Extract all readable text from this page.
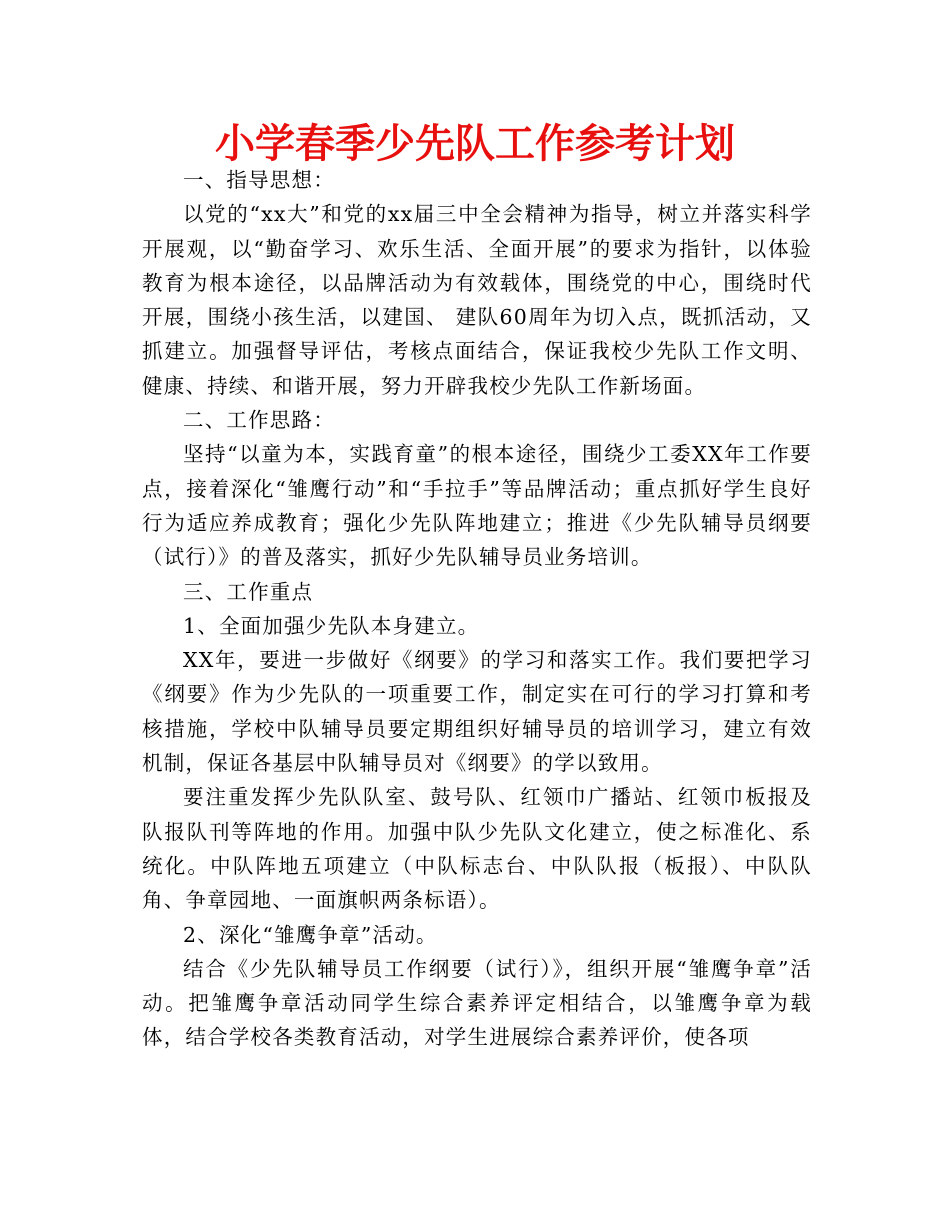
小学春季少先队工作参考计划

一、指导思想：

以党的“xx大”和党的xx届三中全会精神为指导，树立并落实科学开展观，以“勤奋学习、欢乐生活、全面开展”的要求为指针，以体验教育为根本途径，以品牌活动为有效载体，围绕党的中心，围绕时代开展，围绕小孩生活，以建国、 建队60周年为切入点，既抓活动，又抓建立。加强督导评估，考核点面结合，保证我校少先队工作文明、健康、持续、和谐开展，努力开辟我校少先队工作新场面。

二、工作思路：

坚持“以童为本，实践育童”的根本途径，围绕少工委XX年工作要点，接着深化“雏鹰行动”和“手拉手”等品牌活动；重点抓好学生良好行为适应养成教育；强化少先队阵地建立；推进《少先队辅导员纲要（试行）》的普及落实，抓好少先队辅导员业务培训。

三、工作重点

1、全面加强少先队本身建立。

XX年，要进一步做好《纲要》的学习和落实工作。我们要把学习《纲要》作为少先队的一项重要工作，制定实在可行的学习打算和考核措施，学校中队辅导员要定期组织好辅导员的培训学习，建立有效机制，保证各基层中队辅导员对《纲要》的学以致用。

要注重发挥少先队队室、鼓号队、红领巾广播站、红领巾板报及队报队刊等阵地的作用。加强中队少先队文化建立，使之标准化、系统化。中队阵地五项建立（中队标志台、中队队报（板报）、中队队角、争章园地、一面旗帜两条标语）。

2、深化“雏鹰争章”活动。

结合《少先队辅导员工作纲要（试行）》，组织开展“雏鹰争章”活动。把雏鹰争章活动同学生综合素养评定相结合，以雏鹰争章为载体，结合学校各类教育活动，对学生进展综合素养评价，使各项
